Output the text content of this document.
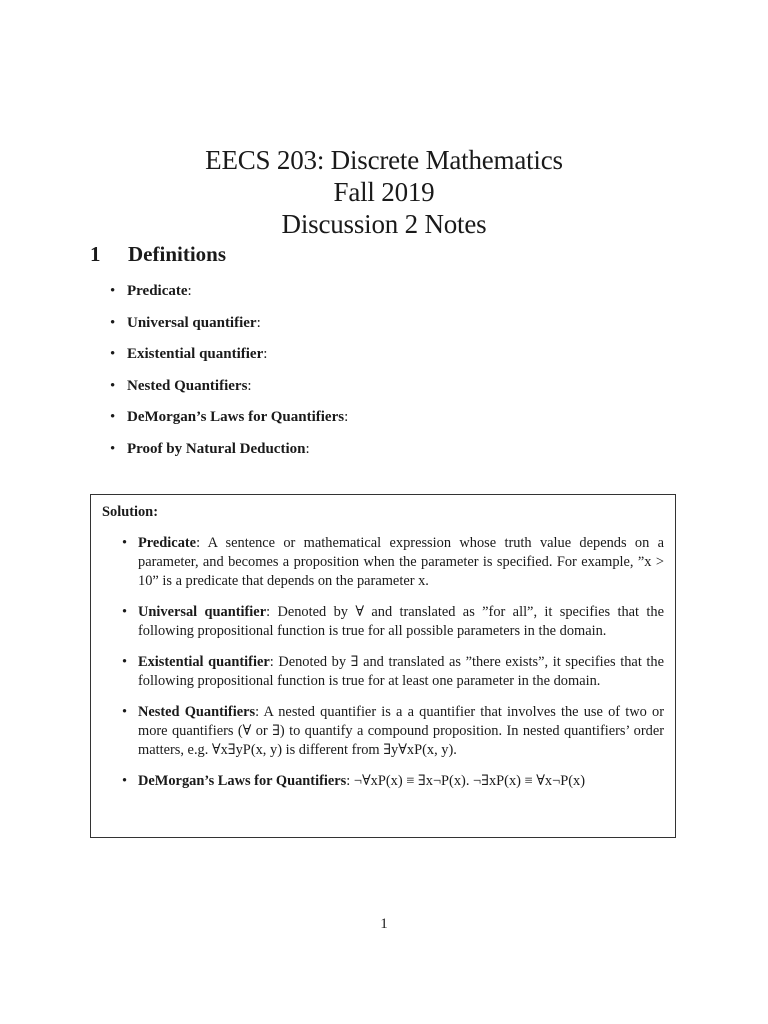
EECS 203: Discrete Mathematics
Fall 2019
Discussion 2 Notes
1 Definitions
• Predicate:
• Universal quantifier:
• Existential quantifier:
• Nested Quantifiers:
• DeMorgan’s Laws for Quantifiers:
• Proof by Natural Deduction:
Solution:
• Predicate: A sentence or mathematical expression whose truth value depends on a parameter, and becomes a proposition when the parameter is specified. For example, ”x > 10” is a predicate that depends on the parameter x.
• Universal quantifier: Denoted by ∀ and translated as ”for all”, it specifies that the following propositional function is true for all possible parameters in the domain.
• Existential quantifier: Denoted by ∃ and translated as ”there exists”, it specifies that the following propositional function is true for at least one parameter in the domain.
• Nested Quantifiers: A nested quantifier is a a quantifier that involves the use of two or more quantifiers (∀ or ∃) to quantify a compound proposition. In nested quantifiers’ order matters, e.g. ∀x∃yP(x, y) is different from ∃y∀xP(x, y).
• DeMorgan’s Laws for Quantifiers: ¬∀xP(x) ≡ ∃x¬P(x). ¬∃xP(x) ≡ ∀x¬P(x)
1
